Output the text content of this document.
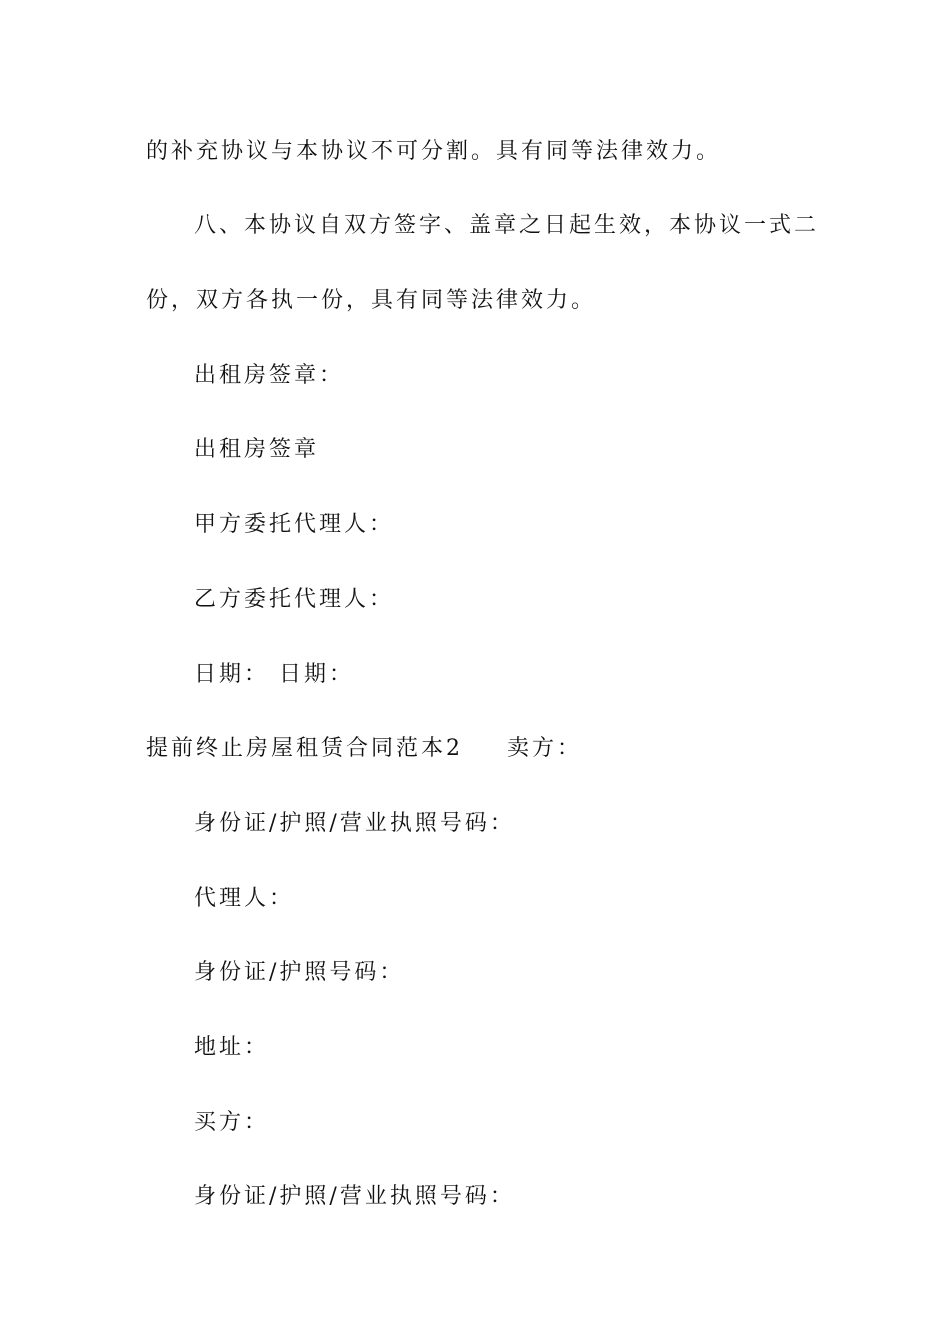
的补充协议与本协议不可分割。具有同等法律效力。
八、本协议自双方签字、盖章之日起生效，本协议一式二
份，双方各执一份，具有同等法律效力。
出租房签章：
出租房签章
甲方委托代理人：
乙方委托代理人：
日期： 日期：
提前终止房屋租赁合同范本2 卖方：
身份证/护照/营业执照号码：
代理人：
身份证/护照号码：
地址：
买方：
身份证/护照/营业执照号码：
